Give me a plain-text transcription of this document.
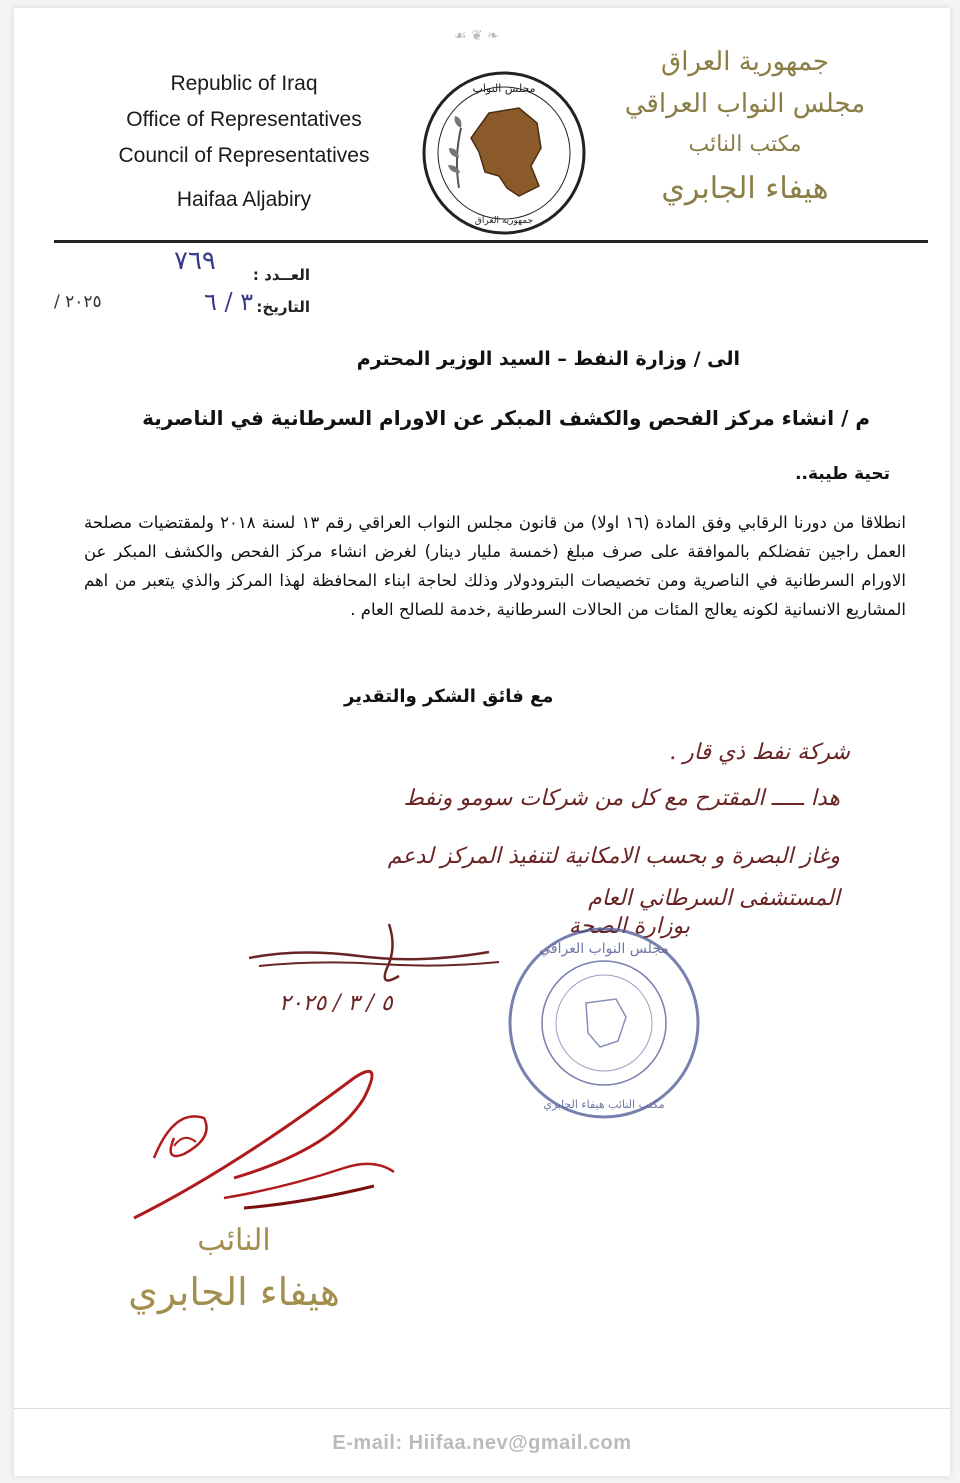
☙ ❦ ❧
Republic of Iraq
Office of Representatives
Council of Representatives
Haifaa Aljabiry
مجلس النواب
جمهورية العراق
جمهورية العراق
مجلس النواب العراقي
مكتب النائب
هيفاء الجابري
العــدد :
٧٦٩
التاريخ:
٣ / ٦
/ ٢٠٢٥
الى / وزارة النفط – السيد الوزير المحترم
م / انشاء مركز الفحص والكشف المبكر عن الاورام السرطانية في الناصرية
تحية طيبة..
انطلاقا من دورنا الرقابي وفق المادة (١٦ اولا) من قانون مجلس النواب العراقي رقم ١٣ لسنة ٢٠١٨ ولمقتضيات مصلحة العمل راجين تفضلكم بالموافقة على صرف مبلغ (خمسة مليار دينار) لغرض انشاء مركز الفحص والكشف المبكر عن الاورام السرطانية في الناصرية ومن تخصيصات البترودولار وذلك لحاجة ابناء المحافظة لهذا المركز والذي يتعبر من اهم المشاريع الانسانية لكونه يعالج المئات من الحالات السرطانية ,خدمة للصالح العام .
مع فائق الشكر والتقدير
شركة نفط ذي قار .
هدا ـــــ المقترح مع كل من شركات سومو ونفط
وغاز البصرة و بحسب الامكانية لتنفيذ المركز لدعم
المستشفى السرطاني العام
بوزارة الصحة
٥ / ٣ / ٢٠٢٥
مجلس النواب العراقي
مكتب النائب هيفاء الجابري
النائب
هيفاء الجابري
E-mail: Hiifaa.nev@gmail.com
